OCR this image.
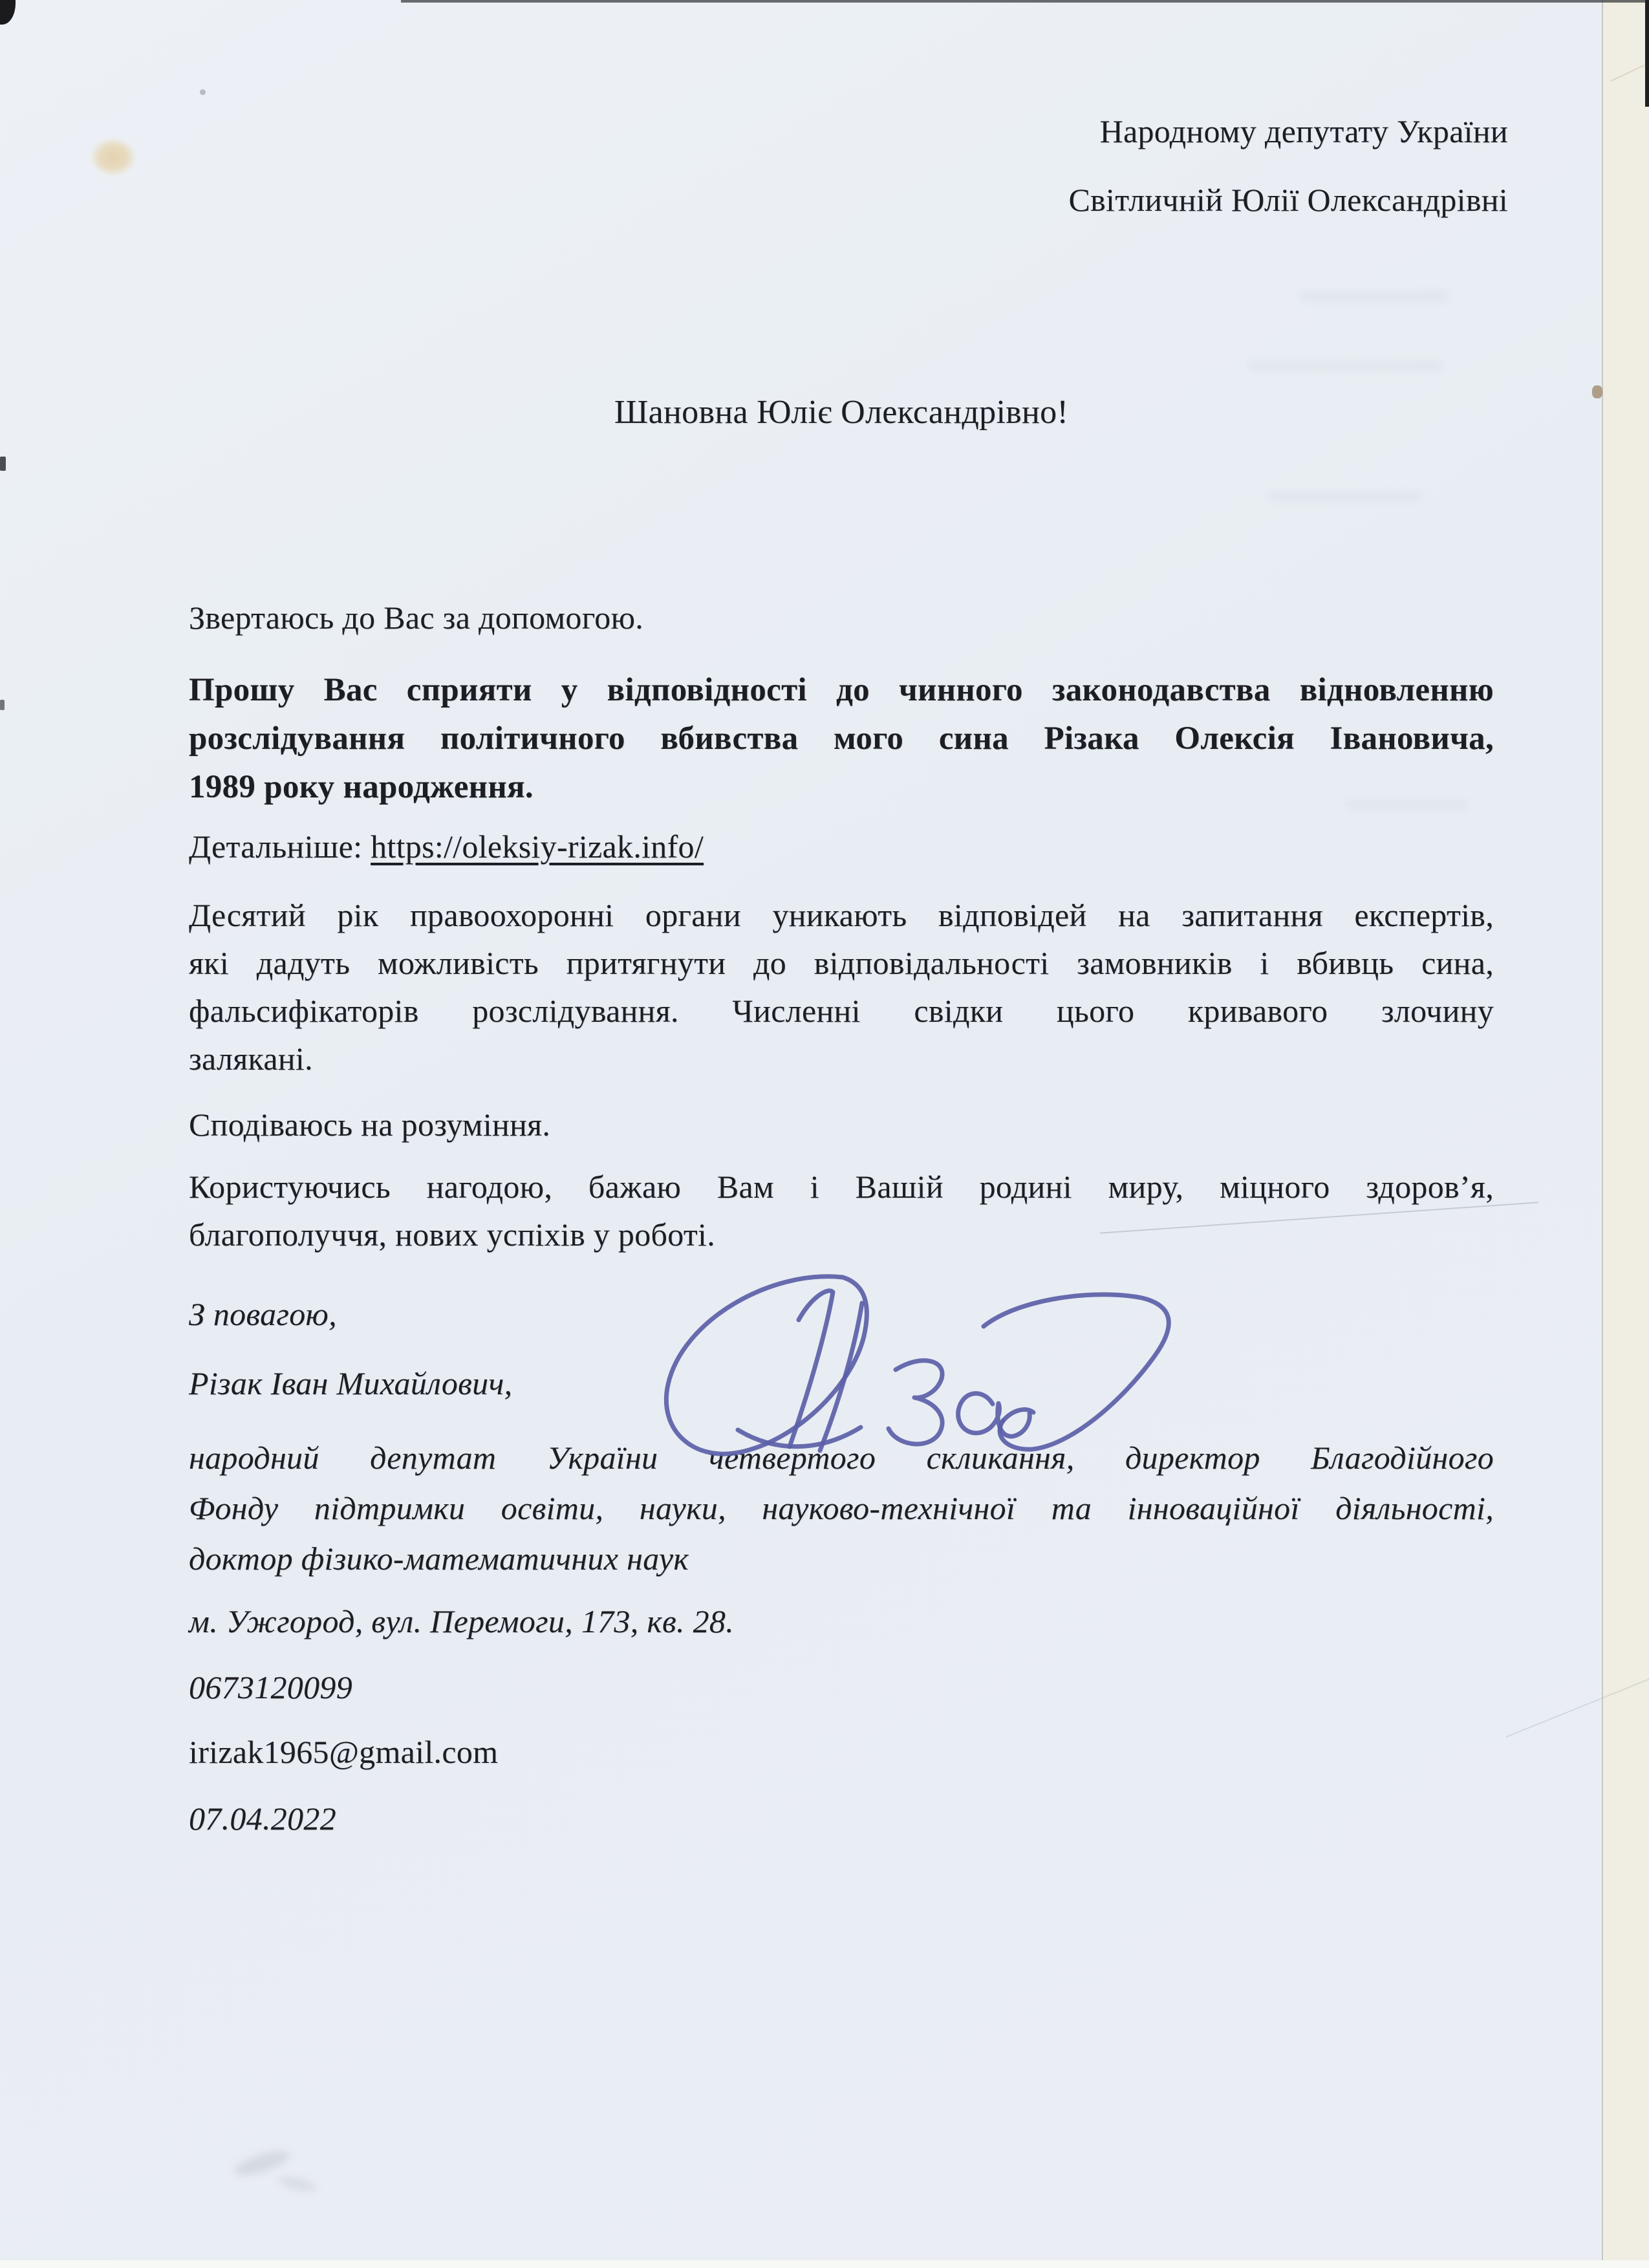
Народному депутату України
Світличній Юлії Олександрівні
Шановна Юліє Олександрівно!
Звертаюсь до Вас за допомогою.
Прошу Вас сприяти у відповідності до чинного законодавства відновленню
розслідування політичного вбивства мого сина Різака Олексія Івановича,
1989 року народження.
Детальніше: https://oleksiy-rizak.info/
Десятий рік правоохоронні органи уникають відповідей на запитання експертів,
які дадуть можливість притягнути до відповідальності замовників і вбивць сина,
фальсифікаторів розслідування. Численні свідки цього кривавого злочину
залякані.
Сподіваюсь на розуміння.
Користуючись нагодою, бажаю Вам і Вашій родині миру, міцного здоров’я,
благополуччя, нових успіхів у роботі.
З повагою,
Різак Іван Михайлович,
народний депутат України четвертого скликання, директор Благодійного
Фонду підтримки освіти, науки, науково-технічної та інноваційної діяльності,
доктор фізико-математичних наук
м. Ужгород, вул. Перемоги, 173, кв. 28.
0673120099
irizak1965@gmail.com
07.04.2022
